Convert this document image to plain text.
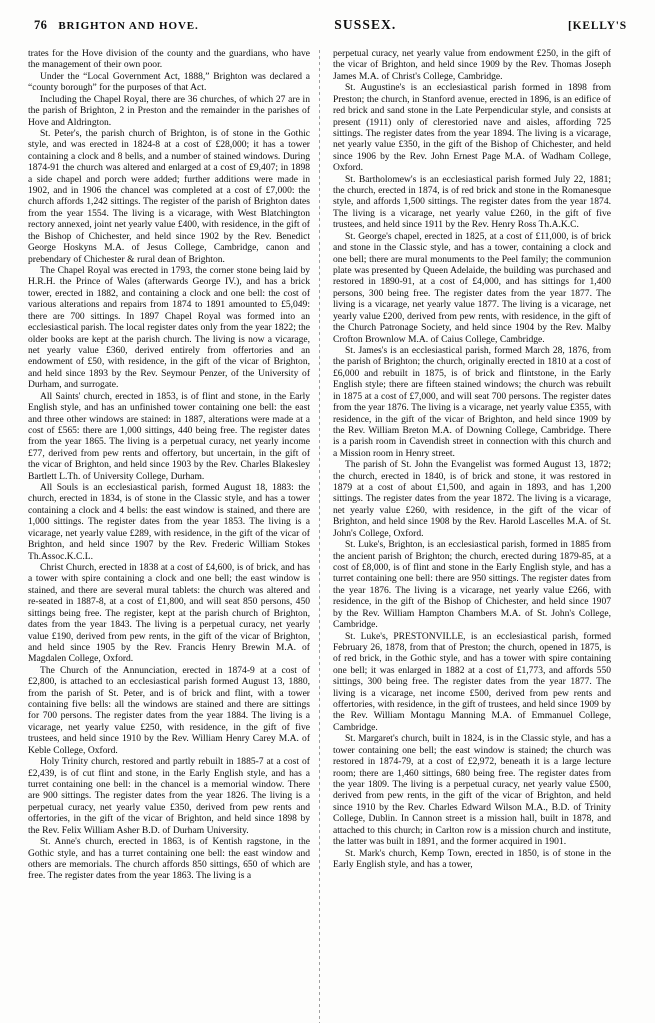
76 BRIGHTON AND HOVE.	SUSSEX.	[KELLY'S

trates for the Hove division of the county and the guardians, who have the management of their own poor.

Under the “Local Government Act, 1888,” Brighton was declared a “county borough” for the purposes of that Act.

Including the Chapel Royal, there are 36 churches, of which 27 are in the parish of Brighton, 2 in Preston and the remainder in the parishes of Hove and Aldrington.

St. Peter's, the parish church of Brighton, is of stone in the Gothic style, and was erected in 1824-8 at a cost of £28,000; it has a tower containing a clock and 8 bells, and a number of stained windows. During 1874-91 the church was altered and enlarged at a cost of £9,407; in 1898 a side chapel and porch were added; further additions were made in 1902, and in 1906 the chancel was completed at a cost of £7,000: the church affords 1,242 sittings. The register of the parish of Brighton dates from the year 1554. The living is a vicarage, with West Blatchington rectory annexed, joint net yearly value £400, with residence, in the gift of the Bishop of Chichester, and held since 1902 by the Rev. Benedict George Hoskyns M.A. of Jesus College, Cambridge, canon and prebendary of Chichester & rural dean of Brighton.

The Chapel Royal was erected in 1793, the corner stone being laid by H.R.H. the Prince of Wales (afterwards George IV.), and has a brick tower, erected in 1882, and containing a clock and one bell: the cost of various alterations and repairs from 1874 to 1891 amounted to £5,049: there are 700 sittings. In 1897 Chapel Royal was formed into an ecclesiastical parish. The local register dates only from the year 1822; the older books are kept at the parish church. The living is now a vicarage, net yearly value £360, derived entirely from offertories and an endowment of £50, with residence, in the gift of the vicar of Brighton, and held since 1893 by the Rev. Seymour Penzer, of the University of Durham, and surrogate.

All Saints' church, erected in 1853, is of flint and stone, in the Early English style, and has an unfinished tower containing one bell: the east and three other windows are stained: in 1887, alterations were made at a cost of £565: there are 1,000 sittings, 440 being free. The register dates from the year 1865. The living is a perpetual curacy, net yearly income £77, derived from pew rents and offertory, but uncertain, in the gift of the vicar of Brighton, and held since 1903 by the Rev. Charles Blakesley Bartlett L.Th. of University College, Durham.

All Souls is an ecclesiastical parish, formed August 18, 1883: the church, erected in 1834, is of stone in the Classic style, and has a tower containing a clock and 4 bells: the east window is stained, and there are 1,000 sittings. The register dates from the year 1853. The living is a vicarage, net yearly value £289, with residence, in the gift of the vicar of Brighton, and held since 1907 by the Rev. Frederic William Stokes Th.Assoc.K.C.L.

Christ Church, erected in 1838 at a cost of £4,600, is of brick, and has a tower with spire containing a clock and one bell; the east window is stained, and there are several mural tablets: the church was altered and re-seated in 1887-8, at a cost of £1,800, and will seat 850 persons, 450 sittings being free. The register, kept at the parish church of Brighton, dates from the year 1843. The living is a perpetual curacy, net yearly value £190, derived from pew rents, in the gift of the vicar of Brighton, and held since 1905 by the Rev. Francis Henry Brewin M.A. of Magdalen College, Oxford.

The Church of the Annunciation, erected in 1874-9 at a cost of £2,800, is attached to an ecclesiastical parish formed August 13, 1880, from the parish of St. Peter, and is of brick and flint, with a tower containing five bells: all the windows are stained and there are sittings for 700 persons. The register dates from the year 1884. The living is a vicarage, net yearly value £250, with residence, in the gift of five trustees, and held since 1910 by the Rev. William Henry Carey M.A. of Keble College, Oxford.

Holy Trinity church, restored and partly rebuilt in 1885-7 at a cost of £2,439, is of cut flint and stone, in the Early English style, and has a turret containing one bell: in the chancel is a memorial window. There are 900 sittings. The register dates from the year 1826. The living is a perpetual curacy, net yearly value £350, derived from pew rents and offertories, in the gift of the vicar of Brighton, and held since 1898 by the Rev. Felix William Asher B.D. of Durham University.

St. Anne's church, erected in 1863, is of Kentish ragstone, in the Gothic style, and has a turret containing one bell: the east window and others are memorials. The church affords 850 sittings, 650 of which are free. The register dates from the year 1863. The living is a

perpetual curacy, net yearly value from endowment £250, in the gift of the vicar of Brighton, and held since 1909 by the Rev. Thomas Joseph James M.A. of Christ's College, Cambridge.

St. Augustine's is an ecclesiastical parish formed in 1898 from Preston; the church, in Stanford avenue, erected in 1896, is an edifice of red brick and sand stone in the Late Perpendicular style, and consists at present (1911) only of clerestoried nave and aisles, affording 725 sittings. The register dates from the year 1894. The living is a vicarage, net yearly value £350, in the gift of the Bishop of Chichester, and held since 1906 by the Rev. John Ernest Page M.A. of Wadham College, Oxford.

St. Bartholomew's is an ecclesiastical parish formed July 22, 1881; the church, erected in 1874, is of red brick and stone in the Romanesque style, and affords 1,500 sittings. The register dates from the year 1874. The living is a vicarage, net yearly value £260, in the gift of five trustees, and held since 1911 by the Rev. Henry Ross Th.A.K.C.

St. George's chapel, erected in 1825, at a cost of £11,000, is of brick and stone in the Classic style, and has a tower, containing a clock and one bell; there are mural monuments to the Peel family; the communion plate was presented by Queen Adelaide, the building was purchased and restored in 1890-91, at a cost of £4,000, and has sittings for 1,400 persons, 300 being free. The register dates from the year 1877. The living is a vicarage, net yearly value 1877. The living is a vicarage, net yearly value £200, derived from pew rents, with residence, in the gift of the Church Patronage Society, and held since 1904 by the Rev. Malby Crofton Brownlow M.A. of Caius College, Cambridge.

St. James's is an ecclesiastical parish, formed March 28, 1876, from the parish of Brighton; the church, originally erected in 1810 at a cost of £6,000 and rebuilt in 1875, is of brick and flintstone, in the Early English style; there are fifteen stained windows; the church was rebuilt in 1875 at a cost of £7,000, and will seat 700 persons. The register dates from the year 1876. The living is a vicarage, net yearly value £355, with residence, in the gift of the vicar of Brighton, and held since 1909 by the Rev. William Breton M.A. of Downing College, Cambridge. There is a parish room in Cavendish street in connection with this church and a Mission room in Henry street.

The parish of St. John the Evangelist was formed August 13, 1872; the church, erected in 1840, is of brick and stone, it was restored in 1879 at a cost of about £1,500, and again in 1893, and has 1,200 sittings. The register dates from the year 1872. The living is a vicarage, net yearly value £260, with residence, in the gift of the vicar of Brighton, and held since 1908 by the Rev. Harold Lascelles M.A. of St. John's College, Oxford.

St. Luke's, Brighton, is an ecclesiastical parish, formed in 1885 from the ancient parish of Brighton; the church, erected during 1879-85, at a cost of £8,000, is of flint and stone in the Early English style, and has a turret containing one bell: there are 950 sittings. The register dates from the year 1876. The living is a vicarage, net yearly value £266, with residence, in the gift of the Bishop of Chichester, and held since 1907 by the Rev. William Hampton Chambers M.A. of St. John's College, Cambridge.

St. Luke's, PRESTONVILLE, is an ecclesiastical parish, formed February 26, 1878, from that of Preston; the church, opened in 1875, is of red brick, in the Gothic style, and has a tower with spire containing one bell; it was enlarged in 1882 at a cost of £1,773, and affords 550 sittings, 300 being free. The register dates from the year 1877. The living is a vicarage, net income £500, derived from pew rents and offertories, with residence, in the gift of trustees, and held since 1909 by the Rev. William Montagu Manning M.A. of Emmanuel College, Cambridge.

St. Margaret's church, built in 1824, is in the Classic style, and has a tower containing one bell; the east window is stained; the church was restored in 1874-79, at a cost of £2,972, beneath it is a large lecture room; there are 1,460 sittings, 680 being free. The register dates from the year 1809. The living is a perpetual curacy, net yearly value £500, derived from pew rents, in the gift of the vicar of Brighton, and held since 1910 by the Rev. Charles Edward Wilson M.A., B.D. of Trinity College, Dublin. In Cannon street is a mission hall, built in 1878, and attached to this church; in Carlton row is a mission church and institute, the latter was built in 1891, and the former acquired in 1901.

St. Mark's church, Kemp Town, erected in 1850, is of stone in the Early English style, and has a tower,
